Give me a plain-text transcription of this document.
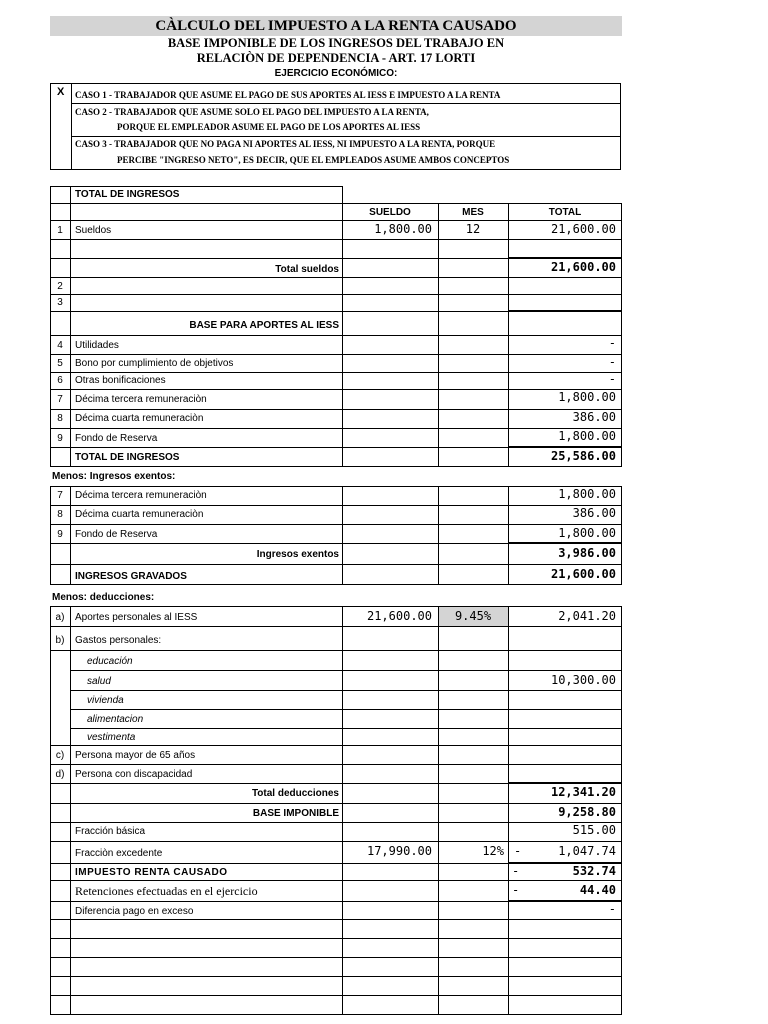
CÀLCULO DEL IMPUESTO A LA RENTA CAUSADO
BASE IMPONIBLE DE LOS INGRESOS DEL TRABAJO EN
RELACIÒN DE DEPENDENCIA - ART. 17 LORTI
EJERCICIO ECONÓMICO:
X CASO 1 - TRABAJADOR QUE ASUME EL PAGO DE SUS APORTES AL IESS E IMPUESTO A LA RENTA
CASO 2 - TRABAJADOR QUE ASUME SOLO EL PAGO DEL IMPUESTO A LA RENTA,
PORQUE EL EMPLEADOR ASUME EL PAGO DE LOS APORTES AL IESS
CASO 3 - TRABAJADOR QUE NO PAGA NI APORTES AL IESS, NI IMPUESTO A LA RENTA, PORQUE
PERCIBE "INGRESO NETO", ES DECIR, QUE EL EMPLEADOS ASUME AMBOS CONCEPTOS
TOTAL DE INGRESOS
SUELDO	MES	TOTAL
1	Sueldos	1,800.00	12	21,600.00
Total sueldos	21,600.00
2
3
BASE PARA APORTES AL IESS
4	Utilidades	-
5	Bono por cumplimiento de objetivos	-
6	Otras bonificaciones	-
7	Décima tercera remuneraciòn	1,800.00
8	Décima cuarta remuneraciòn	386.00
9	Fondo de Reserva	1,800.00
TOTAL DE INGRESOS	25,586.00
Menos: Ingresos exentos:
7	Décima tercera remuneraciòn	1,800.00
8	Décima cuarta remuneraciòn	386.00
9	Fondo de Reserva	1,800.00
Ingresos exentos	3,986.00
INGRESOS GRAVADOS	21,600.00
Menos: deducciones:
a)	Aportes personales al IESS	21,600.00	9.45%	2,041.20
b)	Gastos personales:
educación
salud	10,300.00
vivienda
alimentacion
vestimenta
c)	Persona mayor de 65 años
d)	Persona con discapacidad
Total deducciones	12,341.20
BASE IMPONIBLE	9,258.80
Fracción básica	515.00
Fracciòn excedente	17,990.00	12% -	1,047.74
IMPUESTO RENTA CAUSADO	-	532.74
Retenciones efectuadas en el ejercicio	-	44.40
Diferencia pago en exceso	-
